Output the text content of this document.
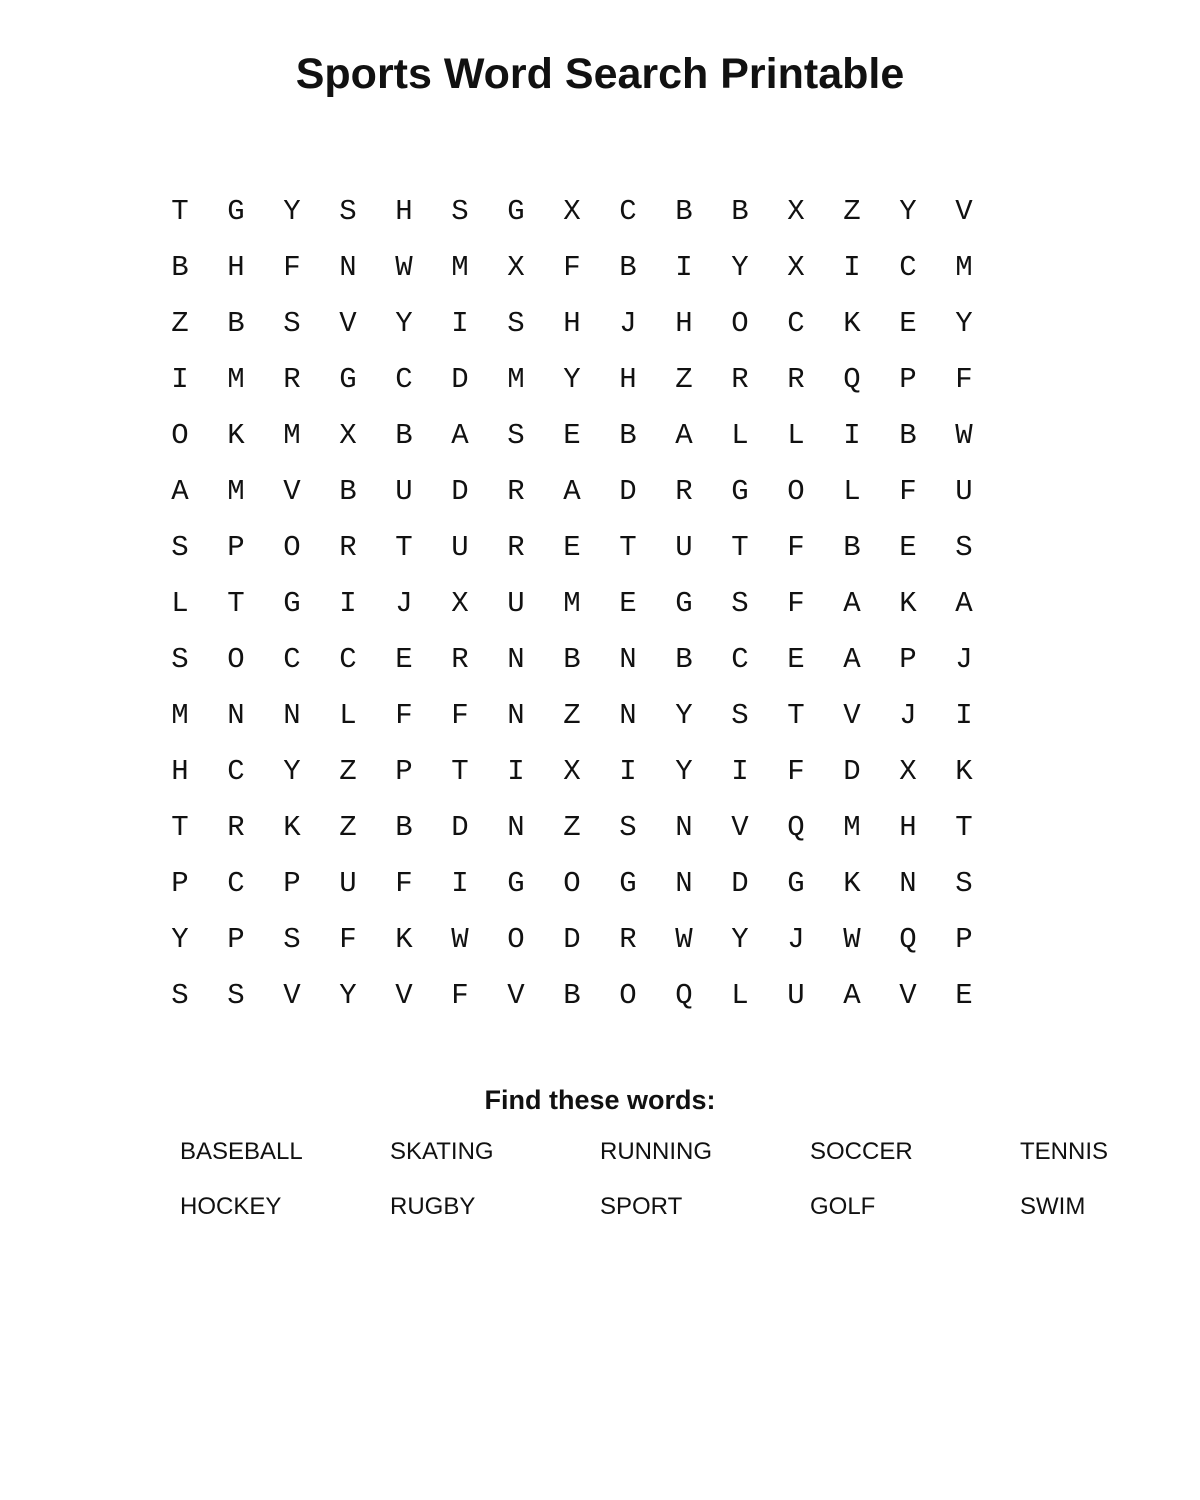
Sports Word Search Printable
T	G	Y	S	H	S	G	X	C	B	B	X	Z	Y	V
B	H	F	N	W	M	X	F	B	I	Y	X	I	C	M
Z	B	S	V	Y	I	S	H	J	H	O	C	K	E	Y
I	M	R	G	C	D	M	Y	H	Z	R	R	Q	P	F
O	K	M	X	B	A	S	E	B	A	L	L	I	B	W
A	M	V	B	U	D	R	A	D	R	G	O	L	F	U
S	P	O	R	T	U	R	E	T	U	T	F	B	E	S
L	T	G	I	J	X	U	M	E	G	S	F	A	K	A
S	O	C	C	E	R	N	B	N	B	C	E	A	P	J
M	N	N	L	F	F	N	Z	N	Y	S	T	V	J	I
H	C	Y	Z	P	T	I	X	I	Y	I	F	D	X	K
T	R	K	Z	B	D	N	Z	S	N	V	Q	M	H	T
P	C	P	U	F	I	G	O	G	N	D	G	K	N	S
Y	P	S	F	K	W	O	D	R	W	Y	J	W	Q	P
S	S	V	Y	V	F	V	B	O	Q	L	U	A	V	E
Find these words:
BASEBALL	SKATING	RUNNING	SOCCER	TENNIS
HOCKEY	RUGBY	SPORT	GOLF	SWIM
